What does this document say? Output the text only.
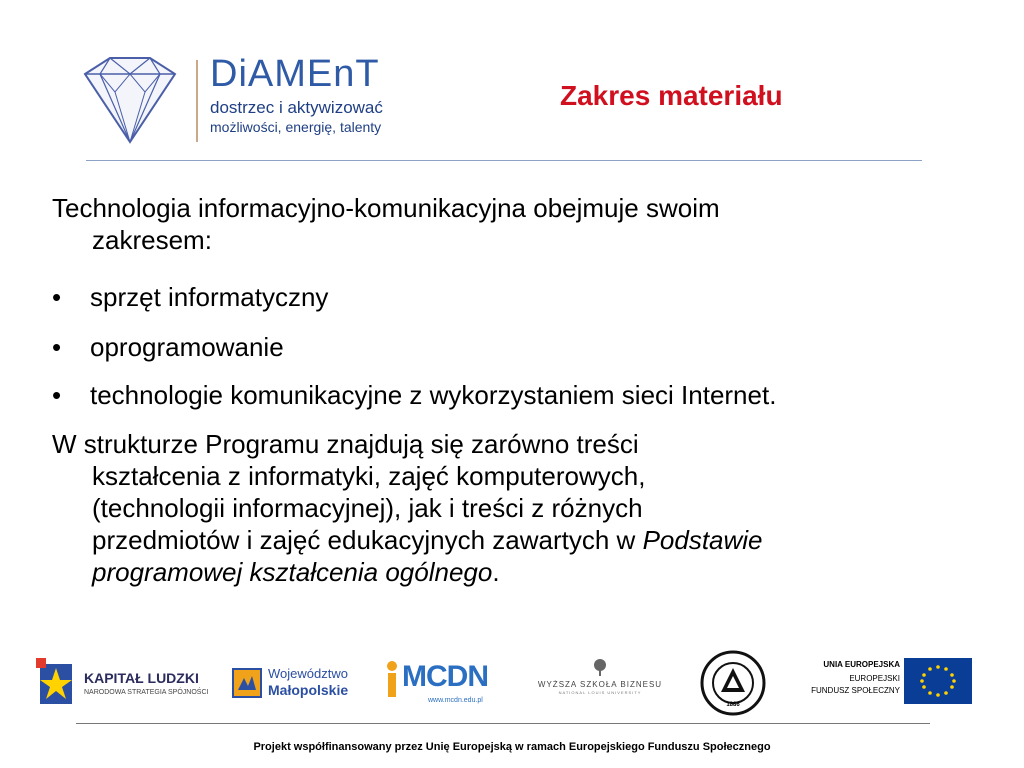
DiAMEnT
dostrzec i aktywizować
możliwości, energię, talenty
Zakres materiału
Technologia informacyjno-komunikacyjna obejmuje swoim
zakresem:
• sprzęt informatyczny
• oprogramowanie
• technologie komunikacyjne z wykorzystaniem sieci Internet.
W strukturze Programu znajdują się zarówno treści
kształcenia z informatyki, zajęć komputerowych,
(technologii informacyjnej), jak i treści z różnych
przedmiotów i zajęć edukacyjnych zawartych w Podstawie
programowej kształcenia ogólnego.
KAPITAŁ LUDZKI
NARODOWA STRATEGIA SPÓJNOŚCI
Województwo
Małopolskie MCDN
www.mcdn.edu.pl
WYŻSZA SZKOŁA BIZNESU
NATIONAL LOUIS UNIVERSITY
1886
UNIA EUROPEJSKA
EUROPEJSKI
FUNDUSZ SPOŁECZNY
Projekt współfinansowany przez Unię Europejską w ramach Europejskiego Funduszu Społecznego
